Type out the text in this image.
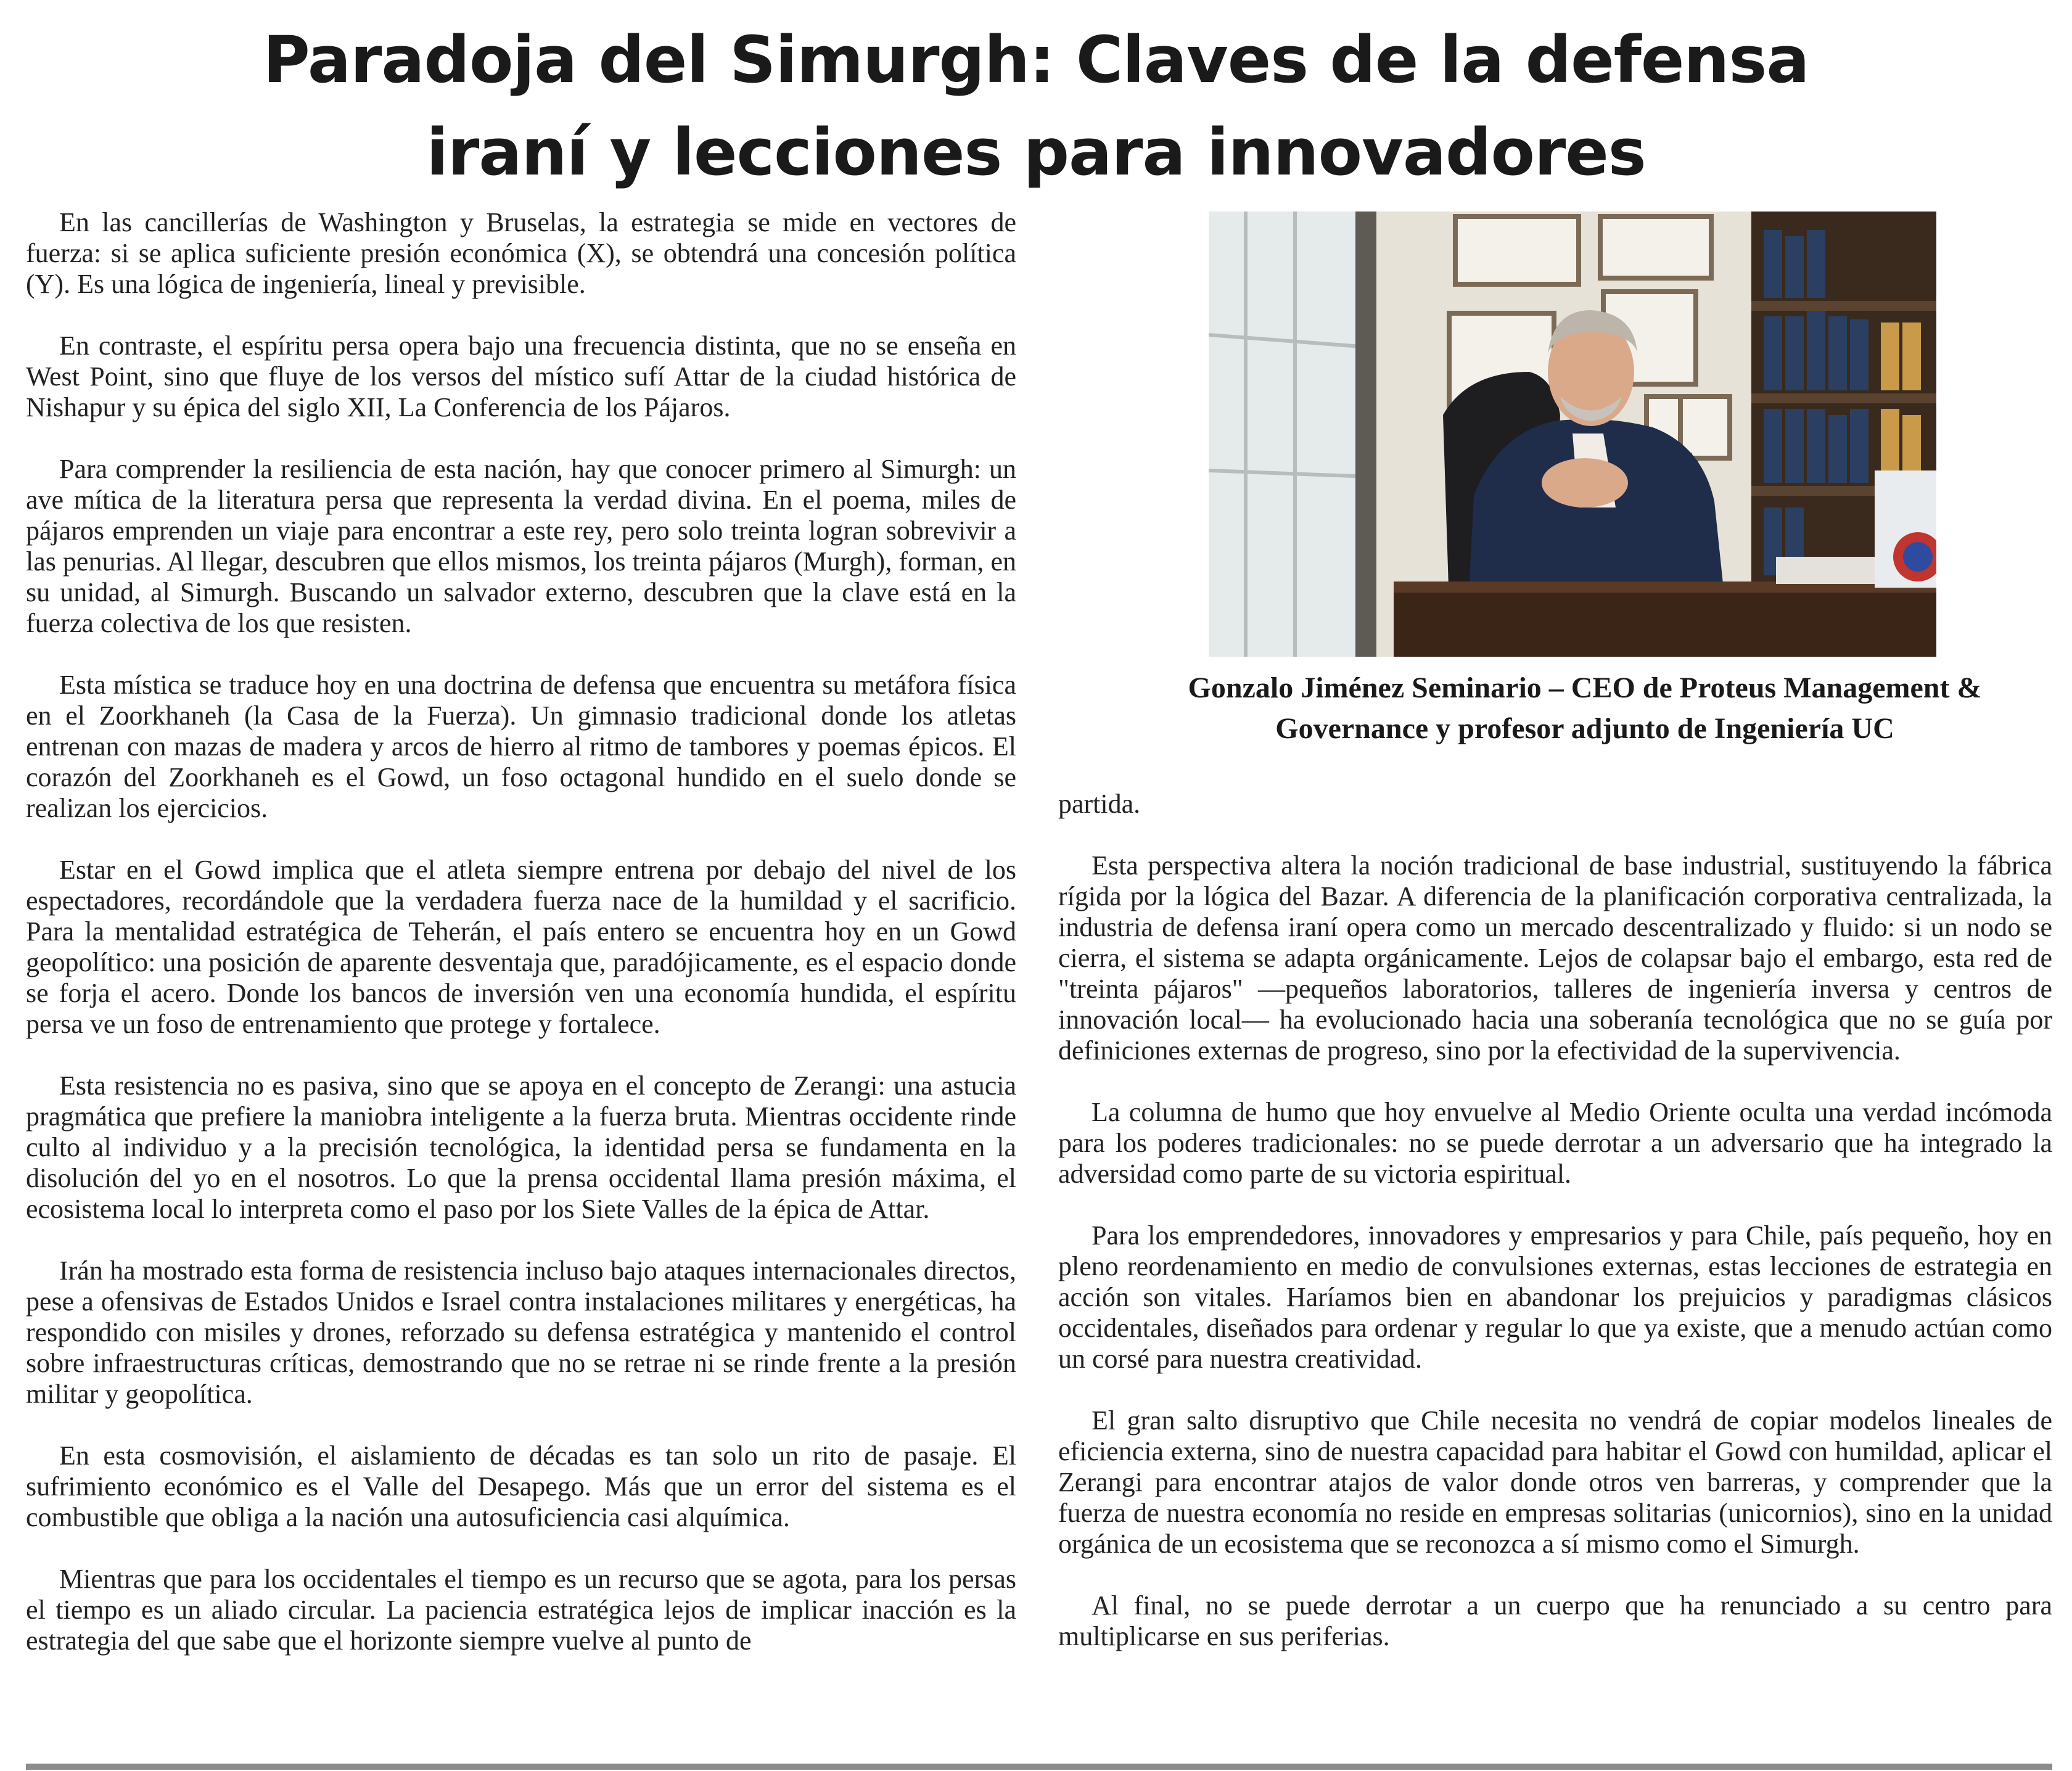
Paradoja del Simurgh: Claves de la defensa
iraní y lecciones para innovadores

En las cancillerías de Washington y Bruselas, la estrategia se mide en vectores de fuerza: si se aplica suficiente presión económica (X), se obtendrá una concesión política (Y). Es una lógica de ingeniería, lineal y previsible.

En contraste, el espíritu persa opera bajo una frecuencia distinta, que no se enseña en West Point, sino que fluye de los versos del místico sufí Attar de la ciudad histórica de Nishapur y su épica del siglo XII, La Conferencia de los Pájaros.

Para comprender la resiliencia de esta nación, hay que conocer primero al Simurgh: un ave mítica de la literatura persa que representa la verdad divina. En el poema, miles de pájaros emprenden un viaje para encontrar a este rey, pero solo treinta logran sobrevivir a las penurias. Al llegar, descubren que ellos mismos, los treinta pájaros (Murgh), forman, en su unidad, al Simurgh. Buscando un salvador externo, descubren que la clave está en la fuerza colectiva de los que resisten.

Esta mística se traduce hoy en una doctrina de defensa que encuentra su metáfora física en el Zoorkhaneh (la Casa de la Fuerza). Un gimnasio tradicional donde los atletas entrenan con mazas de madera y arcos de hierro al ritmo de tambores y poemas épicos. El corazón del Zoorkhaneh es el Gowd, un foso octagonal hundido en el suelo donde se realizan los ejercicios.

Estar en el Gowd implica que el atleta siempre entrena por debajo del nivel de los espectadores, recordándole que la verdadera fuerza nace de la humildad y el sacrificio. Para la mentalidad estratégica de Teherán, el país entero se encuentra hoy en un Gowd geopolítico: una posición de aparente desventaja que, paradójicamente, es el espacio donde se forja el acero. Donde los bancos de inversión ven una economía hundida, el espíritu persa ve un foso de entrenamiento que protege y fortalece.

Esta resistencia no es pasiva, sino que se apoya en el concepto de Zerangi: una astucia pragmática que prefiere la maniobra inteligente a la fuerza bruta. Mientras occidente rinde culto al individuo y a la precisión tecnológica, la identidad persa se fundamenta en la disolución del yo en el nosotros. Lo que la prensa occidental llama presión máxima, el ecosistema local lo interpreta como el paso por los Siete Valles de la épica de Attar.

Irán ha mostrado esta forma de resistencia incluso bajo ataques internacionales directos, pese a ofensivas de Estados Unidos e Israel contra instalaciones militares y energéticas, ha respondido con misiles y drones, reforzado su defensa estratégica y mantenido el control sobre infraestructuras críticas, demostrando que no se retrae ni se rinde frente a la presión militar y geopolítica.

En esta cosmovisión, el aislamiento de décadas es tan solo un rito de pasaje. El sufrimiento económico es el Valle del Desapego. Más que un error del sistema es el combustible que obliga a la nación una autosuficiencia casi alquímica.

Mientras que para los occidentales el tiempo es un recurso que se agota, para los persas el tiempo es un aliado circular. La paciencia estratégica lejos de implicar inacción es la estrategia del que sabe que el horizonte siempre vuelve al punto de

Gonzalo Jiménez Seminario – CEO de Proteus Management &
Governance y profesor adjunto de Ingeniería UC

partida.

Esta perspectiva altera la noción tradicional de base industrial, sustituyendo la fábrica rígida por la lógica del Bazar. A diferencia de la planificación corporativa centralizada, la industria de defensa iraní opera como un mercado descentralizado y fluido: si un nodo se cierra, el sistema se adapta orgánicamente. Lejos de colapsar bajo el embargo, esta red de "treinta pájaros" —pequeños laboratorios, talleres de ingeniería inversa y centros de innovación local— ha evolucionado hacia una soberanía tecnológica que no se guía por definiciones externas de progreso, sino por la efectividad de la supervivencia.

La columna de humo que hoy envuelve al Medio Oriente oculta una verdad incómoda para los poderes tradicionales: no se puede derrotar a un adversario que ha integrado la adversidad como parte de su victoria espiritual.

Para los emprendedores, innovadores y empresarios y para Chile, país pequeño, hoy en pleno reordenamiento en medio de convulsiones externas, estas lecciones de estrategia en acción son vitales. Haríamos bien en abandonar los prejuicios y paradigmas clásicos occidentales, diseñados para ordenar y regular lo que ya existe, que a menudo actúan como un corsé para nuestra creatividad.

El gran salto disruptivo que Chile necesita no vendrá de copiar modelos lineales de eficiencia externa, sino de nuestra capacidad para habitar el Gowd con humildad, aplicar el Zerangi para encontrar atajos de valor donde otros ven barreras, y comprender que la fuerza de nuestra economía no reside en empresas solitarias (unicornios), sino en la unidad orgánica de un ecosistema que se reconozca a sí mismo como el Simurgh.

Al final, no se puede derrotar a un cuerpo que ha renunciado a su centro para multiplicarse en sus periferias.
